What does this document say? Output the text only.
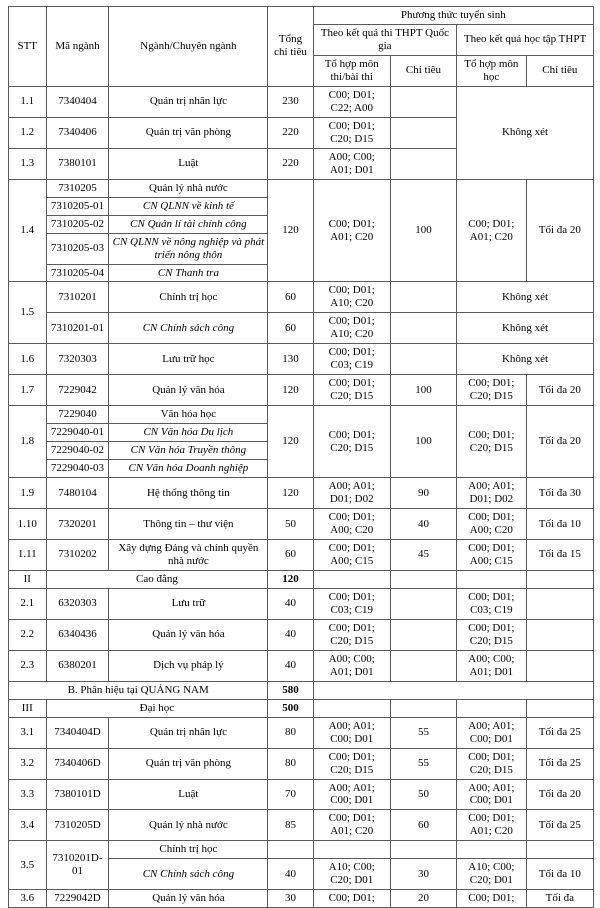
STT	Mã ngành	Ngành/Chuyên ngành	Tổng chỉ tiêu	Phương thức tuyển sinh			
				Theo kết quả thi THPT Quốc gia		Theo kết quả học tập THPT	
				Tổ hợp môn thi/bài thi	Chỉ tiêu	Tổ hợp môn học	Chỉ tiêu
1.1	7340404	Quản trị nhân lực	230	C00; D01; C22; A00		Không xét	
1.2	7340406	Quản trị văn phòng	220	C00; D01; C20; D15			
1.3	7380101	Luật	220	A00; C00; A01; D01			
1.4	7310205	Quản lý nhà nước	120	C00; D01; A01; C20	100	C00; D01; A01; C20	Tối đa 20
	7310205-01	CN QLNN về kinh tế					
	7310205-02	CN Quản lí tài chính công					
	7310205-03	CN QLNN về nông nghiệp và phát triển nông thôn					
	7310205-04	CN Thanh tra					
1.5	7310201	Chính trị học	60	C00; D01; A10; C20		Không xét	
	7310201-01	CN Chính sách công	60	C00; D01; A10; C20		Không xét	
1.6	7320303	Lưu trữ học	130	C00; D01; C03; C19		Không xét	
1.7	7229042	Quản lý văn hóa	120	C00; D01; C20; D15	100	C00; D01; C20; D15	Tối đa 20
1.8	7229040	Văn hóa học	120	C00; D01; C20; D15	100	C00; D01; C20; D15	Tối đa 20
	7229040-01	CN Văn hóa Du lịch					
	7229040-02	CN Văn hóa Truyền thông					
	7229040-03	CN Văn hóa Doanh nghiệp					
1.9	7480104	Hệ thống thông tin	120	A00; A01; D01; D02	90	A00; A01; D01; D02	Tối đa 30
1.10	7320201	Thông tin – thư viện	50	C00; D01; A00; C20	40	C00; D01; A00; C20	Tối đa 10
1.11	7310202	Xây dựng Đảng và chính quyền nhà nước	60	C00; D01; A00; C15	45	C00; D01; A00; C15	Tối đa 15
II	Cao đẳng		120				
2.1	6320303	Lưu trữ	40	C00; D01; C03; C19		C00; D01; C03; C19	
2.2	6340436	Quản lý văn hóa	40	C00; D01; C20; D15		C00; D01; C20; D15	
2.3	6380201	Dịch vụ pháp lý	40	A00; C00; A01; D01		A00; C00; A01; D01	
B. Phân hiệu tại QUẢNG NAM			580				
III	Đại học		500				
3.1	7340404D	Quản trị nhân lực	80	A00; A01; C00; D01	55	A00; A01; C00; D01	Tối đa 25
3.2	7340406D	Quản trị văn phòng	80	C00; D01; C20; D15	55	C00; D01; C20; D15	Tối đa 25
3.3	7380101D	Luật	70	A00; A01; C00; D01	50	A00; A01; C00; D01	Tối đa 20
3.4	7310205D	Quản lý nhà nước	85	C00; D01; A01; C20	60	C00; D01; A01; C20	Tối đa 25
3.5	7310201D-01	Chính trị học					
		CN Chính sách công	40	A10; C00; C20; D01	30	A10; C00; C20; D01	Tối đa 10
3.6	7229042D	Quản lý văn hóa	30	C00; D01;	20	C00; D01;	Tối đa
